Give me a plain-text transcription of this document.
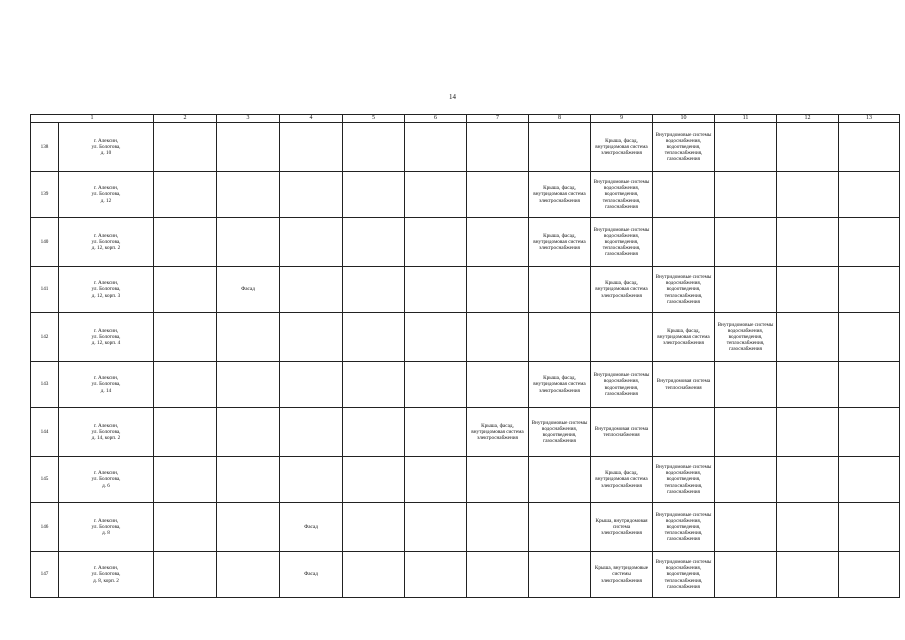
14
1		2	3	4	5	6	7	8	9	10	11	12	13
138	г. Алексин,
ул. Болотова,
д. 10								Крыша, фасад, внутридомовая система электроснабжения	Внутридомовые системы водоснабжения, водоотведения, теплоснабжения, газоснабжения			
139	г. Алексин,
ул. Болотова,
д. 12							Крыша, фасад, внутридомовая система электроснабжения	Внутридомовые системы водоснабжения, водоотведения, теплоснабжения, газоснабжения				
140	г. Алексин,
ул. Болотова,
д. 12, корп. 2							Крыша, фасад, внутридомовая система электроснабжения	Внутридомовые системы водоснабжения, водоотведения, теплоснабжения, газоснабжения				
141	г. Алексин,
ул. Болотова,
д. 12, корп. 3		Фасад						Крыша, фасад, внутридомовая система электроснабжения	Внутридомовые системы водоснабжения, водоотведения, теплоснабжения, газоснабжения			
142	г. Алексин,
ул. Болотова,
д. 12, корп. 4									Крыша, фасад, внутридомовая система электроснабжения	Внутридомовые системы водоснабжения, водоотведения, теплоснабжения, газоснабжения		
143	г. Алексин,
ул. Болотова,
д. 14							Крыша, фасад, внутридомовая система электроснабжения	Внутридомовые системы водоснабжения, водоотведения, газоснабжения	Внутридомовая система теплоснабжения			
144	г. Алексин,
ул. Болотова,
д. 14, корп. 2						Крыша, фасад, внутридомовая система электроснабжения	Внутридомовые системы водоснабжения, водоотведения, газоснабжения	Внутридомовая система теплоснабжения				
145	г. Алексин,
ул. Болотова,
д. 6								Крыша, фасад, внутридомовая система электроснабжения	Внутридомовые системы водоснабжения, водоотведения, теплоснабжения, газоснабжения			
146	г. Алексин,
ул. Болотова,
д. 8			Фасад					Крыша, внутридомовая система электроснабжения	Внутридомовые системы водоснабжения, водоотведения, теплоснабжения, газоснабжения			
147	г. Алексин,
ул. Болотова,
д. 8, корп. 2			Фасад					Крыша, внутридомовые системы электроснабжения	Внутридомовые системы водоснабжения, водоотведения, теплоснабжения, газоснабжения			
